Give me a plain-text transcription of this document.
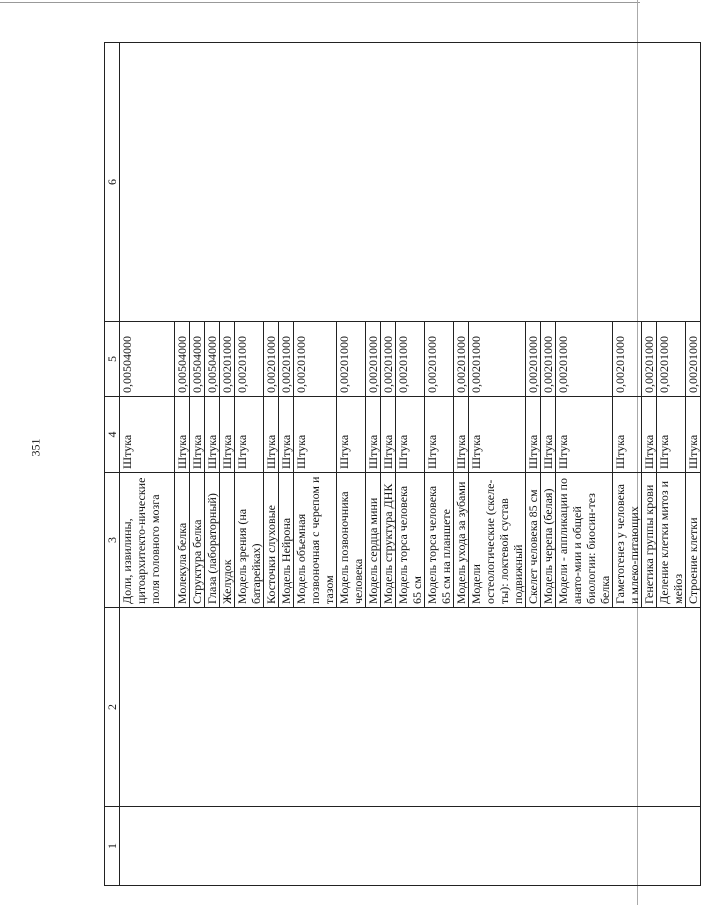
351
1	2	3	4	5	6
		Доли, извилины, цитоархитекто-ническиe поля головного мозга	Штука	0,00504000	
		Молекула белка	Штука	0,00504000	
		Структура белка	Штука	0,00504000	
		Глаза (лабораторный)	Штука	0,00504000	
		Желудок	Штука	0,00201000	
		Модель зрения (на батарейках)	Штука	0,00201000	
		Косточки слуховые	Штука	0,00201000	
		Модель Нейрона	Штука	0,00201000	
		Модель объемная позвоночная с черепом и тазом	Штука	0,00201000	
		Модель позвоночника человека	Штука	0,00201000	
		Модель сердца мини	Штука	0,00201000	
		Модель структура ДНК	Штука	0,00201000	
		Модель торса человека 65 см	Штука	0,00201000	
		Модель торса человека 65 см на планшете	Штука	0,00201000	
		Модель ухода за зубами	Штука	0,00201000	
		Модели остеологические (скеле-ты): локтевой сустав подвижный	Штука	0,00201000	
		Скелет человека 85 см	Штука	0,00201000	
		Модель черепа (белая)	Штука	0,00201000	
		Модели - аппликации по анато-мии и общей биологии: биосин-тез белка	Штука	0,00201000	
		Гаметогенез у человека и млеко-питающих	Штука	0,00201000	
		Генетика группы крови	Штука	0,00201000	
		Деление клетки митоз и мейоз	Штука	0,00201000	
		Строение клетки	Штука	0,00201000	
